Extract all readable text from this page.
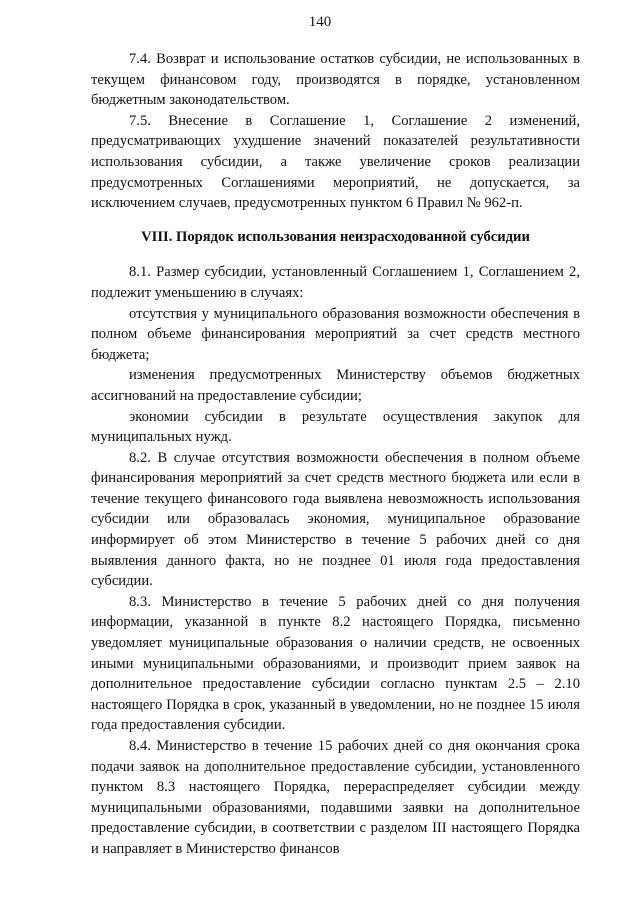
140

7.4. Возврат и использование остатков субсидии, не использованных в текущем финансовом году, производятся в порядке, установленном бюджетным законодательством.

7.5. Внесение в Соглашение 1, Соглашение 2 изменений, предусматривающих ухудшение значений показателей результативности использования субсидии, а также увеличение сроков реализации предусмотренных Соглашениями мероприятий, не допускается, за исключением случаев, предусмотренных пунктом 6 Правил № 962-п.

VIII. Порядок использования неизрасходованной субсидии

8.1. Размер субсидии, установленный Соглашением 1, Соглашением 2, подлежит уменьшению в случаях:

отсутствия у муниципального образования возможности обеспечения в полном объеме финансирования мероприятий за счет средств местного бюджета;

изменения предусмотренных Министерству объемов бюджетных ассигнований на предоставление субсидии;

экономии субсидии в результате осуществления закупок для муниципальных нужд.

8.2. В случае отсутствия возможности обеспечения в полном объеме финансирования мероприятий за счет средств местного бюджета или если в течение текущего финансового года выявлена невозможность использования субсидии или образовалась экономия, муниципальное образование информирует об этом Министерство в течение 5 рабочих дней со дня выявления данного факта, но не позднее 01 июля года предоставления субсидии.

8.3. Министерство в течение 5 рабочих дней со дня получения информации, указанной в пункте 8.2 настоящего Порядка, письменно уведомляет муниципальные образования о наличии средств, не освоенных иными муниципальными образованиями, и производит прием заявок на дополнительное предоставление субсидии согласно пунктам 2.5 – 2.10 настоящего Порядка в срок, указанный в уведомлении, но не позднее 15 июля года предоставления субсидии.

8.4. Министерство в течение 15 рабочих дней со дня окончания срока подачи заявок на дополнительное предоставление субсидии, установленного пунктом 8.3 настоящего Порядка, перераспределяет субсидии между муниципальными образованиями, подавшими заявки на дополнительное предоставление субсидии, в соответствии с разделом III настоящего Порядка и направляет в Министерство финансов
